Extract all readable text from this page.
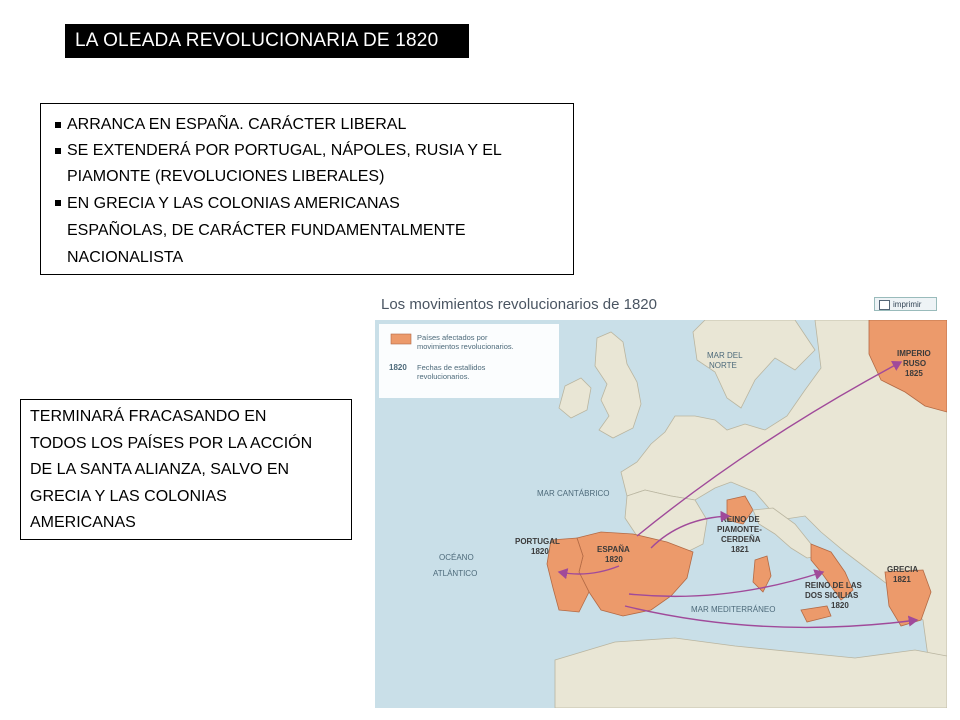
LA OLEADA REVOLUCIONARIA DE 1820
ARRANCA EN ESPAÑA. CARÁCTER LIBERAL
SE EXTENDERÁ POR PORTUGAL, NÁPOLES, RUSIA Y EL
PIAMONTE (REVOLUCIONES LIBERALES)
EN GRECIA Y LAS COLONIAS AMERICANAS
ESPAÑOLAS, DE CARÁCTER FUNDAMENTALMENTE
NACIONALISTA
TERMINARÁ FRACASANDO EN
TODOS LOS PAÍSES POR LA ACCIÓN
DE LA SANTA ALIANZA, SALVO EN
GRECIA Y LAS COLONIAS
AMERICANAS
Los movimientos revolucionarios de 1820	imprimir
Países afectados por
movimientos revolucionarios.
1820 Fechas de estallidos
revolucionarios.
MAR DEL
NORTE
MAR CANTÁBRICO
OCÉANO
ATLÁNTICO
MAR MEDITERRÁNEO
IMPERIO
RUSO
1825
PORTUGAL
1820	ESPAÑA
1820
REINO DE
PIAMONTE-
CERDEÑA
1821
REINO DE LAS
DOS SICILIAS
1820
GRECIA
1821
